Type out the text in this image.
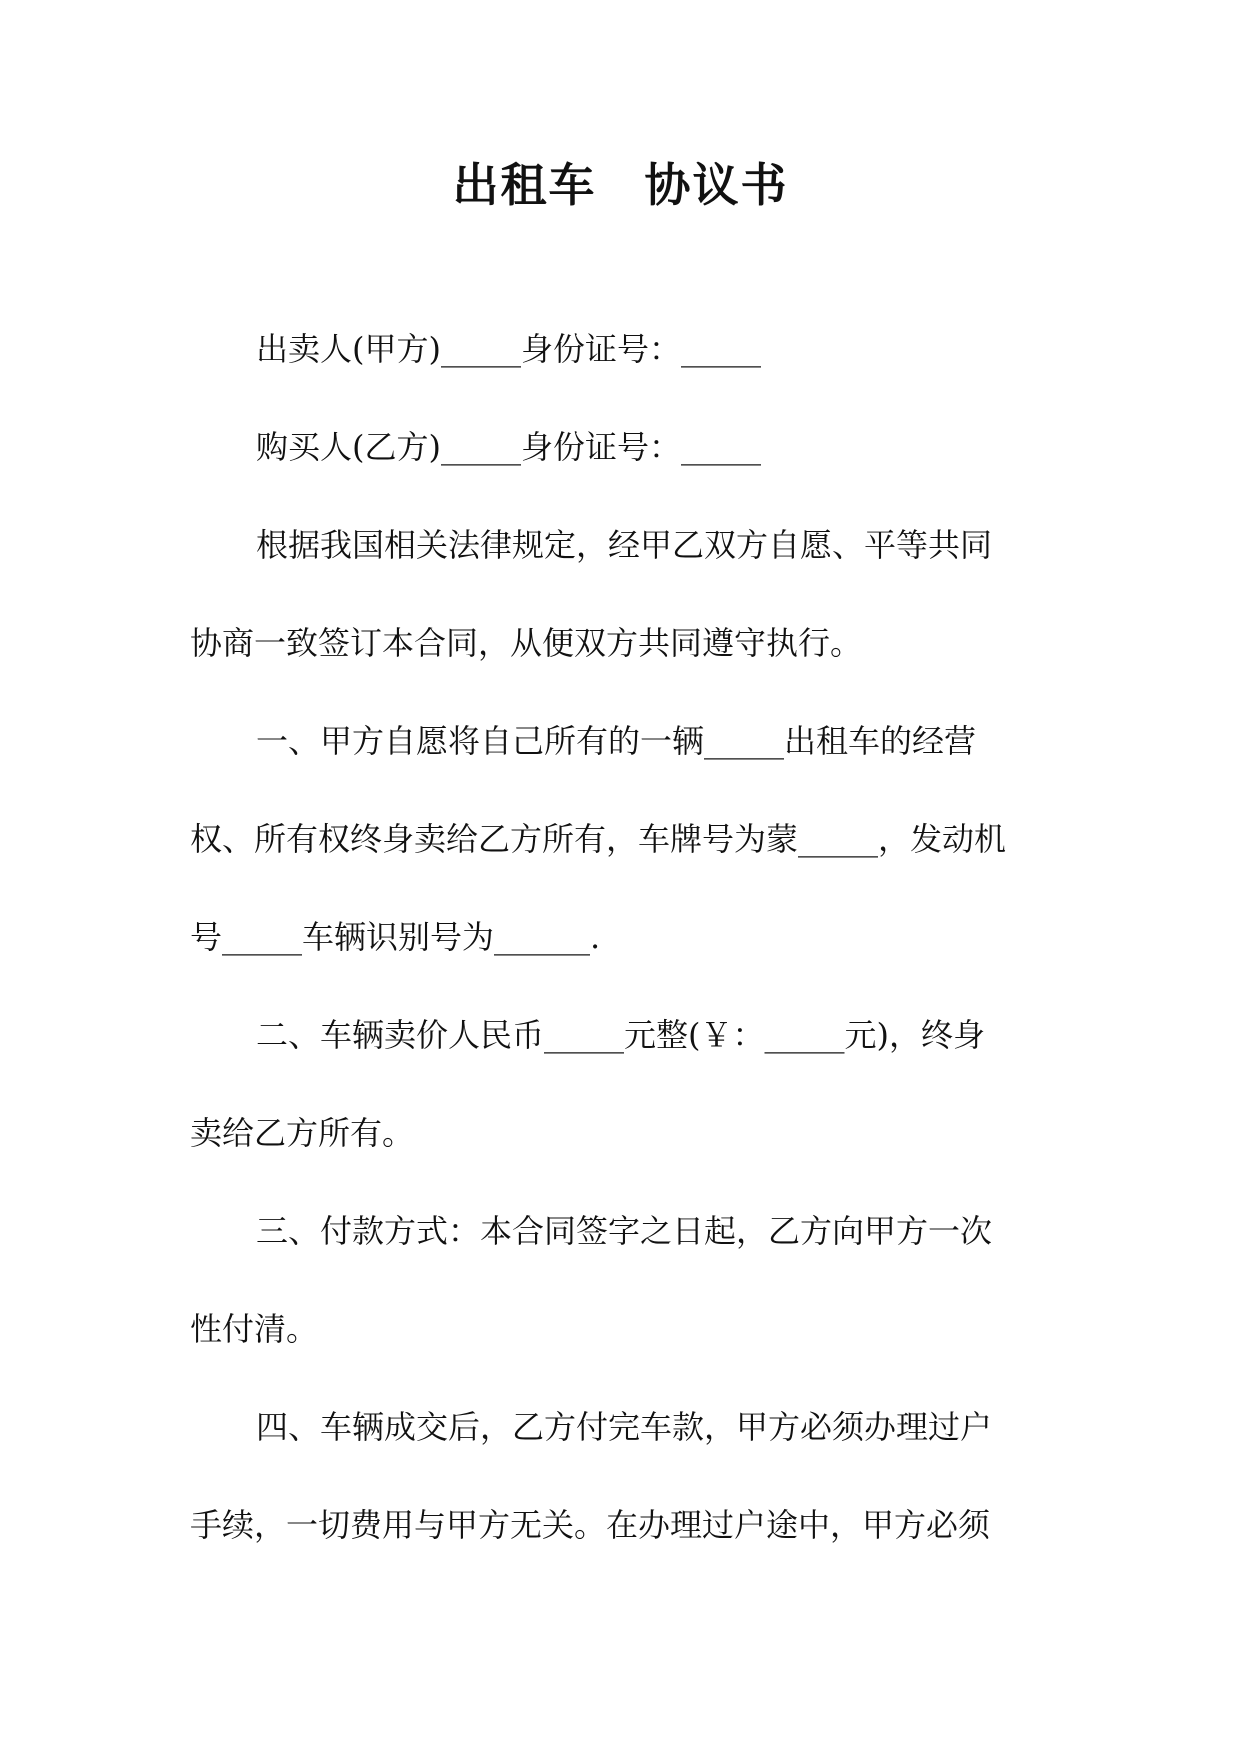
出租车　协议书

出卖人(甲方)_____身份证号：_____

购买人(乙方)_____身份证号：_____

根据我国相关法律规定，经甲乙双方自愿、平等共同

协商一致签订本合同，从便双方共同遵守执行。

一、甲方自愿将自己所有的一辆_____出租车的经营

权、所有权终身卖给乙方所有，车牌号为蒙_____，发动机

号_____车辆识别号为______.

二、车辆卖价人民币_____元整(￥：_____元)，终身

卖给乙方所有。

三、付款方式：本合同签字之日起，乙方向甲方一次

性付清。

四、车辆成交后，乙方付完车款，甲方必须办理过户

手续，一切费用与甲方无关。在办理过户途中，甲方必须
